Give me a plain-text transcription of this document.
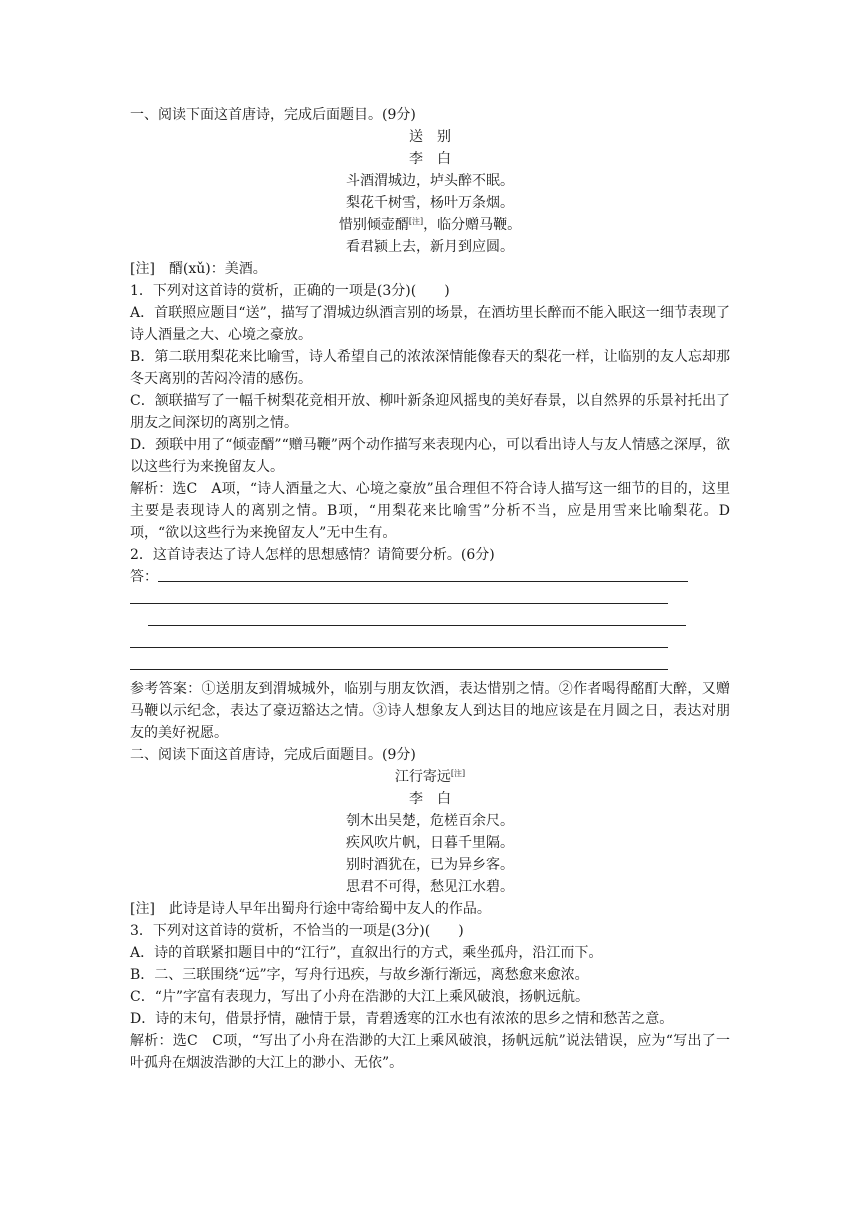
一、阅读下面这首唐诗，完成后面题目。(9分)
送　别
李　白
斗酒渭城边，垆头醉不眠。
梨花千树雪，杨叶万条烟。
惜别倾壶醑[注]，临分赠马鞭。
看君颍上去，新月到应圆。
[注]　醑(xǔ)：美酒。
1．下列对这首诗的赏析，正确的一项是(3分)(　　)
A．首联照应题目“送”，描写了渭城边纵酒言别的场景，在酒坊里长醉而不能入眠这一细节表现了诗人酒量之大、心境之豪放。
B．第二联用梨花来比喻雪，诗人希望自己的浓浓深情能像春天的梨花一样，让临别的友人忘却那冬天离别的苦闷冷清的感伤。
C．颔联描写了一幅千树梨花竞相开放、柳叶新条迎风摇曳的美好春景，以自然界的乐景衬托出了朋友之间深切的离别之情。
D．颈联中用了“倾壶醑”“赠马鞭”两个动作描写来表现内心，可以看出诗人与友人情感之深厚，欲以这些行为来挽留友人。
解析：选C　A项，“诗人酒量之大、心境之豪放”虽合理但不符合诗人描写这一细节的目的，这里主要是表现诗人的离别之情。B项，“用梨花来比喻雪”分析不当，应是用雪来比喻梨花。D项，“欲以这些行为来挽留友人”无中生有。
2．这首诗表达了诗人怎样的思想感情？请简要分析。(6分)
答：
参考答案：①送朋友到渭城城外，临别与朋友饮酒，表达惜别之情。②作者喝得酩酊大醉，又赠马鞭以示纪念，表达了豪迈豁达之情。③诗人想象友人到达目的地应该是在月圆之日，表达对朋友的美好祝愿。
二、阅读下面这首唐诗，完成后面题目。(9分)
江行寄远[注]
李　白
刳木出吴楚，危槎百余尺。
疾风吹片帆，日暮千里隔。
别时酒犹在，已为异乡客。
思君不可得，愁见江水碧。
[注]　此诗是诗人早年出蜀舟行途中寄给蜀中友人的作品。
3．下列对这首诗的赏析，不恰当的一项是(3分)(　　)
A．诗的首联紧扣题目中的“江行”，直叙出行的方式，乘坐孤舟，沿江而下。
B．二、三联围绕“远”字，写舟行迅疾，与故乡渐行渐远，离愁愈来愈浓。
C．“片”字富有表现力，写出了小舟在浩渺的大江上乘风破浪，扬帆远航。
D．诗的末句，借景抒情，融情于景，青碧透寒的江水也有浓浓的思乡之情和愁苦之意。
解析：选C　C项，“写出了小舟在浩渺的大江上乘风破浪，扬帆远航”说法错误，应为“写出了一叶孤舟在烟波浩渺的大江上的渺小、无依”。
